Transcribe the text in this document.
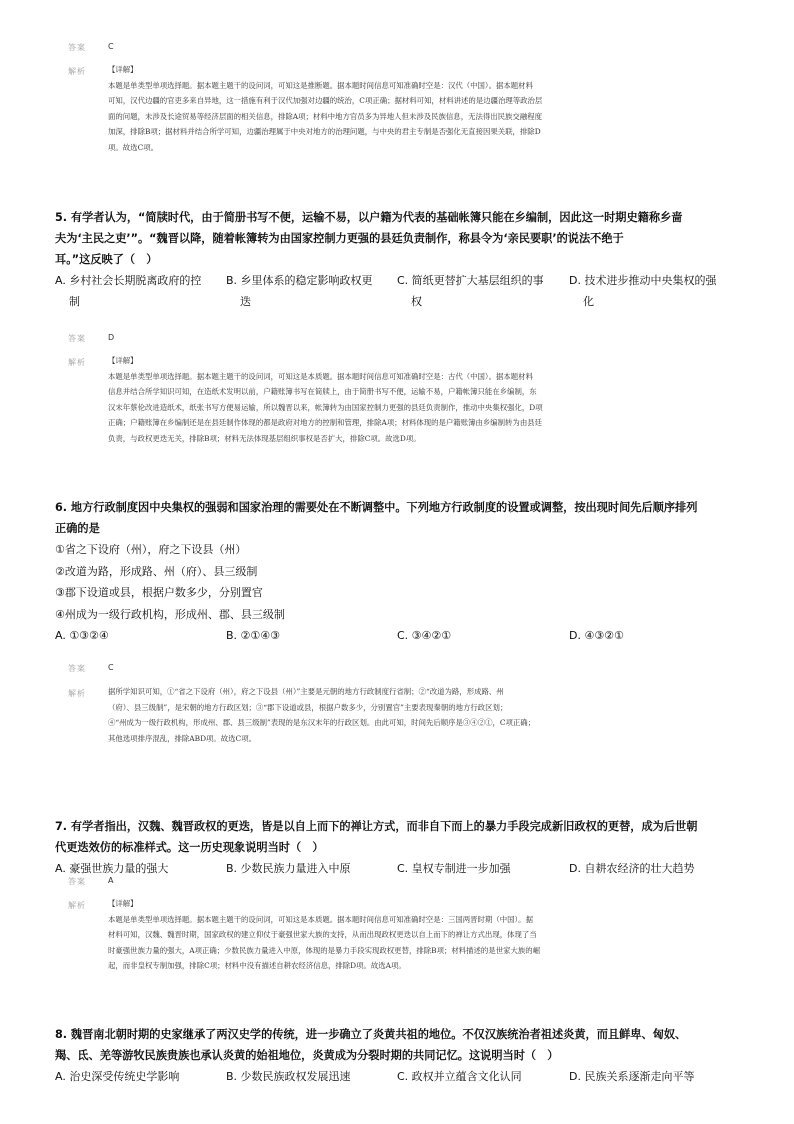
答案	C
解析	【详解】
本题是单类型单项选择题。据本题主题干的设问词，可知这是推断题。据本题时间信息可知准确时空是：汉代（中国）。据本题材料
可知，汉代边疆的官吏多来自异地，这一措施有利于汉代加强对边疆的统治，C项正确；据材料可知，材料讲述的是边疆治理等政治层
面的问题，未涉及长途贸易等经济层面的相关信息，排除A项；材料中地方官员多为异地人但未涉及民族信息，无法得出民族交融程度
加深，排除B项；据材料并结合所学可知，边疆治理属于中央对地方的治理问题，与中央的君主专制是否强化无直接因果关联，排除D
项。故选C项。

5. 有学者认为，“简牍时代，由于简册书写不便，运输不易，以户籍为代表的基础帐簿只能在乡编制，因此这一时期史籍称乡啬

夫为‘主民之吏’”。“魏晋以降，随着帐簿转为由国家控制力更强的县廷负责制作，称县令为‘亲民要职’的说法不绝于

耳。”这反映了（　）

A. 乡村社会长期脱离政府的控
制
B. 乡里体系的稳定影响政权更
迭
C. 简纸更替扩大基层组织的事
权
D. 技术进步推动中央集权的强
化
答案	D
解析	【详解】
本题是单类型单项选择题。据本题主题干的设问词，可知这是本质题。据本题时间信息可知准确时空是：古代（中国）。据本题材料
信息并结合所学知识可知，在造纸术发明以前，户籍账簿书写在简牍上，由于简册书写不便，运输不易，户籍帐簿只能在乡编制，东
汉末年蔡伦改进造纸术，纸张书写方便易运输，所以魏晋以来，帐簿转为由国家控制力更强的县廷负责制作，推动中央集权强化，D项
正确；户籍账簿在乡编制还是在县廷制作体现的都是政府对地方的控制和管理，排除A项；材料体现的是户籍账簿由乡编制转为由县廷
负责，与政权更迭无关，排除B项；材料无法体现基层组织事权是否扩大，排除C项。故选D项。

6. 地方行政制度因中央集权的强弱和国家治理的需要处在不断调整中。下列地方行政制度的设置或调整，按出现时间先后顺序排列

正确的是

①省之下设府（州），府之下设县（州）

②改道为路，形成路、州（府）、县三级制

③郡下设道或县，根据户数多少，分别置官

④州成为一级行政机构，形成州、郡、县三级制

A. ①③②④	B. ②①④③	C. ③④②①	D. ④③②①
答案	C
解析	据所学知识可知，①“省之下设府（州），府之下设县（州）”主要是元朝的地方行政制度行省制；②“改道为路，形成路、州
（府）、县三级制”，是宋朝的地方行政区划；③“郡下设道或县，根据户数多少，分别置官”主要表现秦朝的地方行政区划；
④“州成为一级行政机构，形成州、郡、县三级制”表现的是东汉末年的行政区划。由此可知，时间先后顺序是③④②①，C项正确；
其他选项排序混乱，排除ABD项。故选C项。

7. 有学者指出，汉魏、魏晋政权的更迭，皆是以自上而下的禅让方式，而非自下而上的暴力手段完成新旧政权的更替，成为后世朝

代更迭效仿的标准样式。这一历史现象说明当时（　）

A. 豪强世族力量的强大	B. 少数民族力量进入中原	C. 皇权专制进一步加强	D. 自耕农经济的壮大趋势
答案	A
解析	【详解】
本题是单类型单项选择题。据本题主题干的设问词，可知这是本质题。据本题时间信息可知准确时空是：三国两晋时期（中国）。据
材料可知，汉魏、魏晋时期，国家政权的建立仰仗于豪强世家大族的支持，从而出现政权更迭以自上而下的禅让方式出现，体现了当
时豪强世族力量的强大，A项正确；少数民族力量进入中原，体现的是暴力手段实现政权更替，排除B项；材料描述的是世家大族的崛
起，而非皇权专制加强，排除C项；材料中没有描述自耕农经济信息，排除D项。故选A项。

8. 魏晋南北朝时期的史家继承了两汉史学的传统，进一步确立了炎黄共祖的地位。不仅汉族统治者祖述炎黄，而且鲜卑、匈奴、

羯、氐、羌等游牧民族贵族也承认炎黄的始祖地位，炎黄成为分裂时期的共同记忆。这说明当时（　）

A. 治史深受传统史学影响	B. 少数民族政权发展迅速	C. 政权并立蕴含文化认同	D. 民族关系逐渐走向平等
